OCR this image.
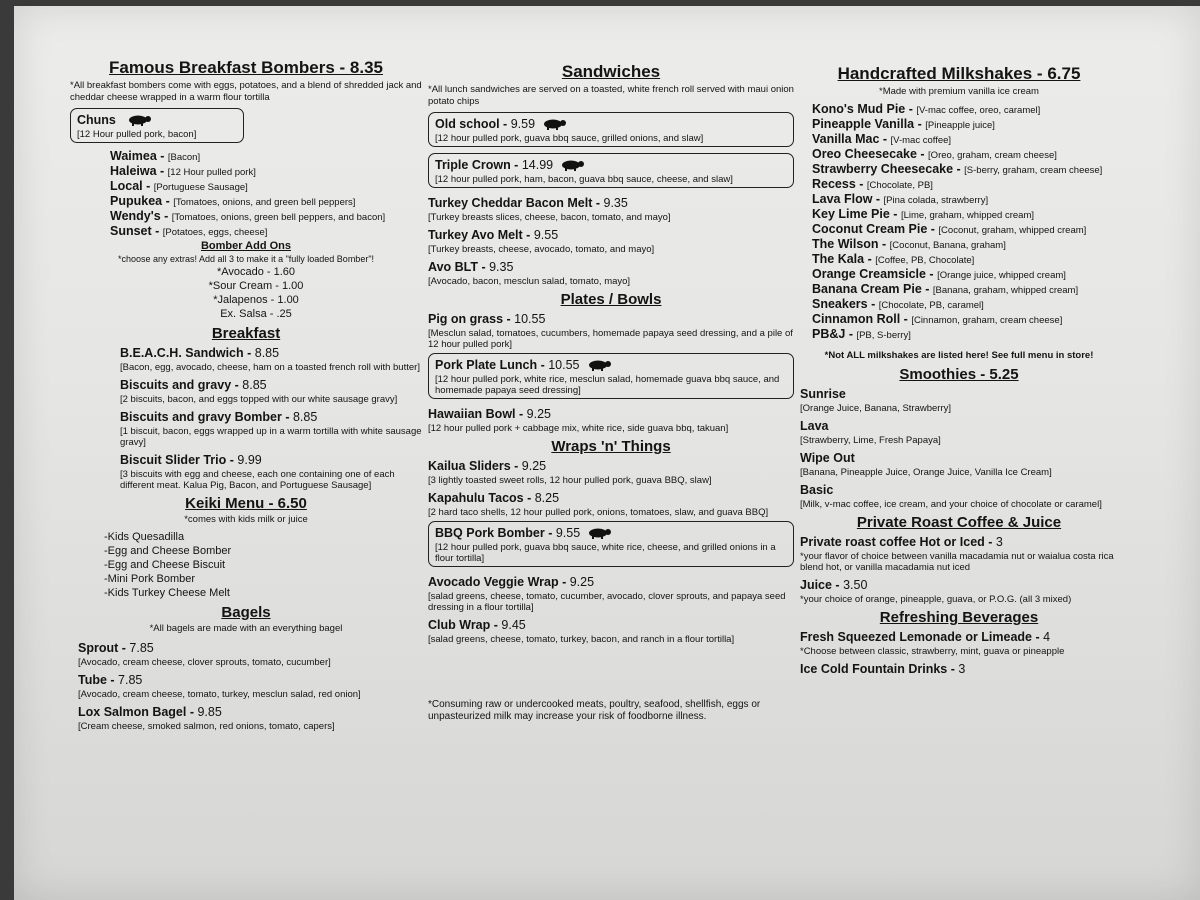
Famous Breakfast Bombers - 8.35
*All breakfast bombers come with eggs, potatoes, and a blend of shredded jack and cheddar cheese wrapped in a warm flour tortilla
Chuns
[12 Hour pulled pork, bacon]
Waimea - [Bacon]
Haleiwa - [12 Hour pulled pork]
Local - [Portuguese Sausage]
Pupukea - [Tomatoes, onions, and green bell peppers]
Wendy's - [Tomatoes, onions, green bell peppers, and bacon]
Sunset - [Potatoes, eggs, cheese]
Bomber Add Ons
*choose any extras! Add all 3 to make it a "fully loaded Bomber"!
*Avocado - 1.60
*Sour Cream - 1.00
*Jalapenos - 1.00
Ex. Salsa - .25
Breakfast
B.E.A.C.H. Sandwich - 8.85
[Bacon, egg, avocado, cheese, ham on a toasted french roll with butter]
Biscuits and gravy - 8.85
[2 biscuits, bacon, and eggs topped with our white sausage gravy]
Biscuits and gravy Bomber - 8.85
[1 biscuit, bacon, eggs wrapped up in a warm tortilla with white sausage gravy]
Biscuit Slider Trio - 9.99
[3 biscuits with egg and cheese, each one containing one of each different meat. Kalua Pig, Bacon, and Portuguese Sausage]
Keiki Menu - 6.50
*comes with kids milk or juice
-Kids Quesadilla
-Egg and Cheese Bomber
-Egg and Cheese Biscuit
-Mini Pork Bomber
-Kids Turkey Cheese Melt
Bagels
*All bagels are made with an everything bagel
Sprout - 7.85
[Avocado, cream cheese, clover sprouts, tomato, cucumber]
Tube - 7.85
[Avocado, cream cheese, tomato, turkey, mesclun salad, red onion]
Lox Salmon Bagel - 9.85
[Cream cheese, smoked salmon, red onions, tomato, capers]
Sandwiches
*All lunch sandwiches are served on a toasted, white french roll served with maui onion potato chips
Old school - 9.59
[12 hour pulled pork, guava bbq sauce, grilled onions, and slaw]
Triple Crown - 14.99
[12 hour pulled pork, ham, bacon, guava bbq sauce, cheese, and slaw]
Turkey Cheddar Bacon Melt - 9.35
[Turkey breasts slices, cheese, bacon, tomato, and mayo]
Turkey Avo Melt - 9.55
[Turkey breasts, cheese, avocado, tomato, and mayo]
Avo BLT - 9.35
[Avocado, bacon, mesclun salad, tomato, mayo]
Plates / Bowls
Pig on grass - 10.55
[Mesclun salad, tomatoes, cucumbers, homemade papaya seed dressing, and a pile of 12 hour pulled pork]
Pork Plate Lunch - 10.55
[12 hour pulled pork, white rice, mesclun salad, homemade guava bbq sauce, and homemade papaya seed dressing]
Hawaiian Bowl - 9.25
[12 hour pulled pork + cabbage mix, white rice, side guava bbq, takuan]
Wraps 'n' Things
Kailua Sliders - 9.25
[3 lightly toasted sweet rolls, 12 hour pulled pork, guava BBQ, slaw]
Kapahulu Tacos - 8.25
[2 hard taco shells, 12 hour pulled pork, onions, tomatoes, slaw, and guava BBQ]
BBQ Pork Bomber - 9.55
[12 hour pulled pork, guava bbq sauce, white rice, cheese, and grilled onions in a flour tortilla]
Avocado Veggie Wrap - 9.25
[salad greens, cheese, tomato, cucumber, avocado, clover sprouts, and papaya seed dressing in a flour tortilla]
Club Wrap - 9.45
[salad greens, cheese, tomato, turkey, bacon, and ranch in a flour tortilla]
*Consuming raw or undercooked meats, poultry, seafood, shellfish, eggs or unpasteurized milk may increase your risk of foodborne illness.
Handcrafted Milkshakes - 6.75
*Made with premium vanilla ice cream
Kono's Mud Pie - [V-mac coffee, oreo, caramel]
Pineapple Vanilla - [Pineapple juice]
Vanilla Mac - [V-mac coffee]
Oreo Cheesecake - [Oreo, graham, cream cheese]
Strawberry Cheesecake - [S-berry, graham, cream cheese]
Recess - [Chocolate, PB]
Lava Flow - [Pina colada, strawberry]
Key Lime Pie - [Lime, graham, whipped cream]
Coconut Cream Pie - [Coconut, graham, whipped cream]
The Wilson - [Coconut, Banana, graham]
The Kala - [Coffee, PB, Chocolate]
Orange Creamsicle - [Orange juice, whipped cream]
Banana Cream Pie - [Banana, graham, whipped cream]
Sneakers - [Chocolate, PB, caramel]
Cinnamon Roll - [Cinnamon, graham, cream cheese]
PB&J - [PB, S-berry]
*Not ALL milkshakes are listed here! See full menu in store!
Smoothies - 5.25
Sunrise
[Orange Juice, Banana, Strawberry]
Lava
[Strawberry, Lime, Fresh Papaya]
Wipe Out
[Banana, Pineapple Juice, Orange Juice, Vanilla Ice Cream]
Basic
[Milk, v-mac coffee, ice cream, and your choice of chocolate or caramel]
Private Roast Coffee & Juice
Private roast coffee Hot or Iced - 3
*your flavor of choice between vanilla macadamia nut or waialua costa rica blend hot, or vanilla macadamia nut iced
Juice - 3.50
*your choice of orange, pineapple, guava, or P.O.G. (all 3 mixed)
Refreshing Beverages
Fresh Squeezed Lemonade or Limeade - 4
*Choose between classic, strawberry, mint, guava or pineapple
Ice Cold Fountain Drinks - 3
